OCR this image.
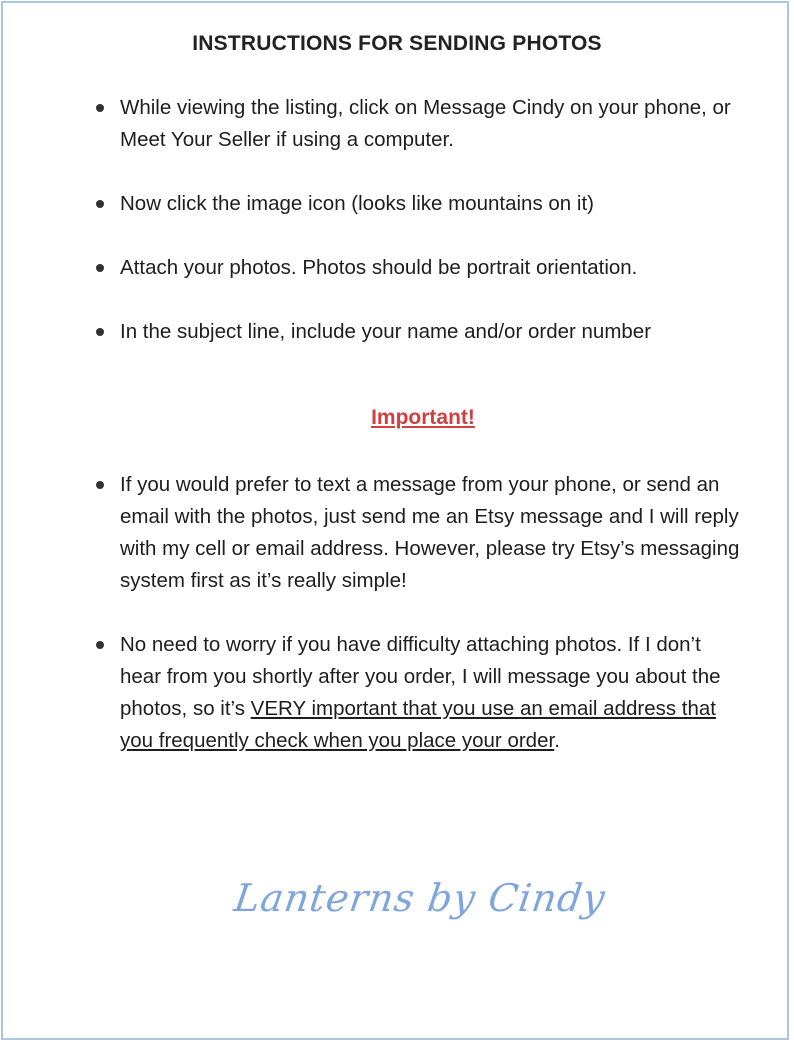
INSTRUCTIONS FOR SENDING PHOTOS
While viewing the listing, click on Message Cindy on your phone, or Meet Your Seller if using a computer.
Now click the image icon (looks like mountains on it)
Attach your photos. Photos should be portrait orientation.
In the subject line, include your name and/or order number
Important!
If you would prefer to text a message from your phone, or send an email with the photos, just send me an Etsy message and I will reply with my cell or email address. However, please try Etsy’s messaging system first as it’s really simple!
No need to worry if you have difficulty attaching photos. If I don’t hear from you shortly after you order, I will message you about the photos, so it’s VERY important that you use an email address that you frequently check when you place your order.
Lanterns by Cindy
